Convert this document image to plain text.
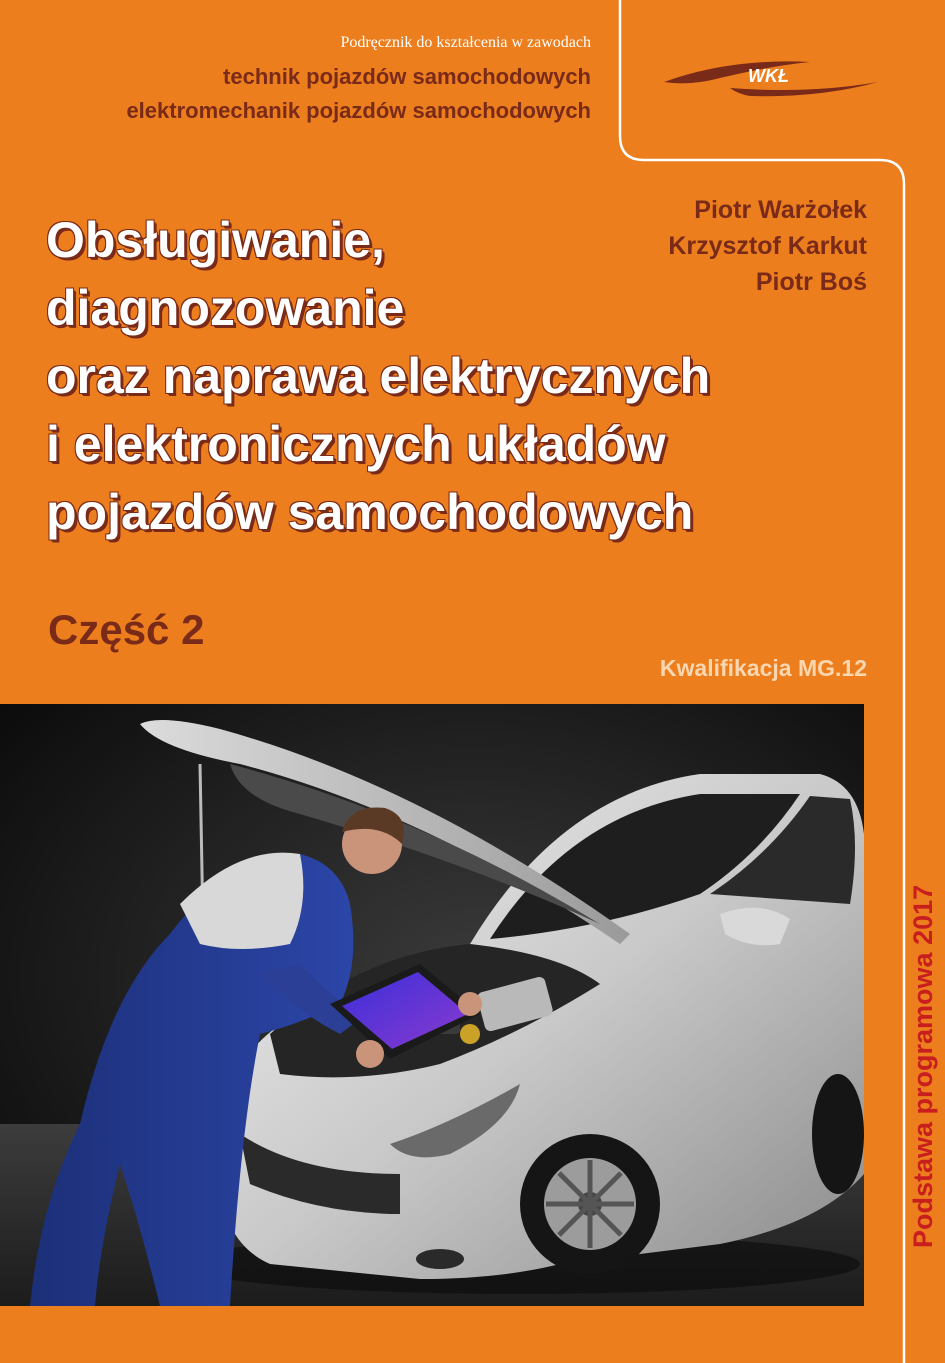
Podręcznik do kształcenia w zawodach
technik pojazdów samochodowych
elektromechanik pojazdów samochodowych
WKŁ
Piotr Warżołek
Krzysztof Karkut
Piotr Boś
Obsługiwanie,
diagnozowanie
oraz naprawa elektrycznych
i elektronicznych układów
pojazdów samochodowych
Część 2
Kwalifikacja MG.12
Podstawa programowa 2017
